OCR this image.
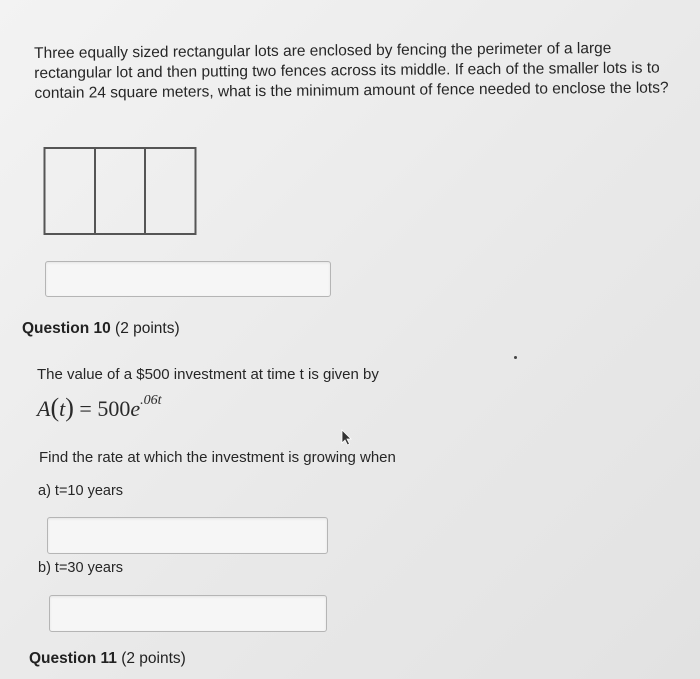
Three equally sized rectangular lots are enclosed by fencing the perimeter of a large rectangular lot and then putting two fences across its middle. If each of the smaller lots is to contain 24 square meters, what is the minimum amount of fence needed to enclose the lots?
Question 10 (2 points)
The value of a $500 investment at time t is given by
$A(t) = 500e^{.06t}$
Find the rate at which the investment is growing when
a) t=10 years
b) t=30 years
Question 11 (2 points)
